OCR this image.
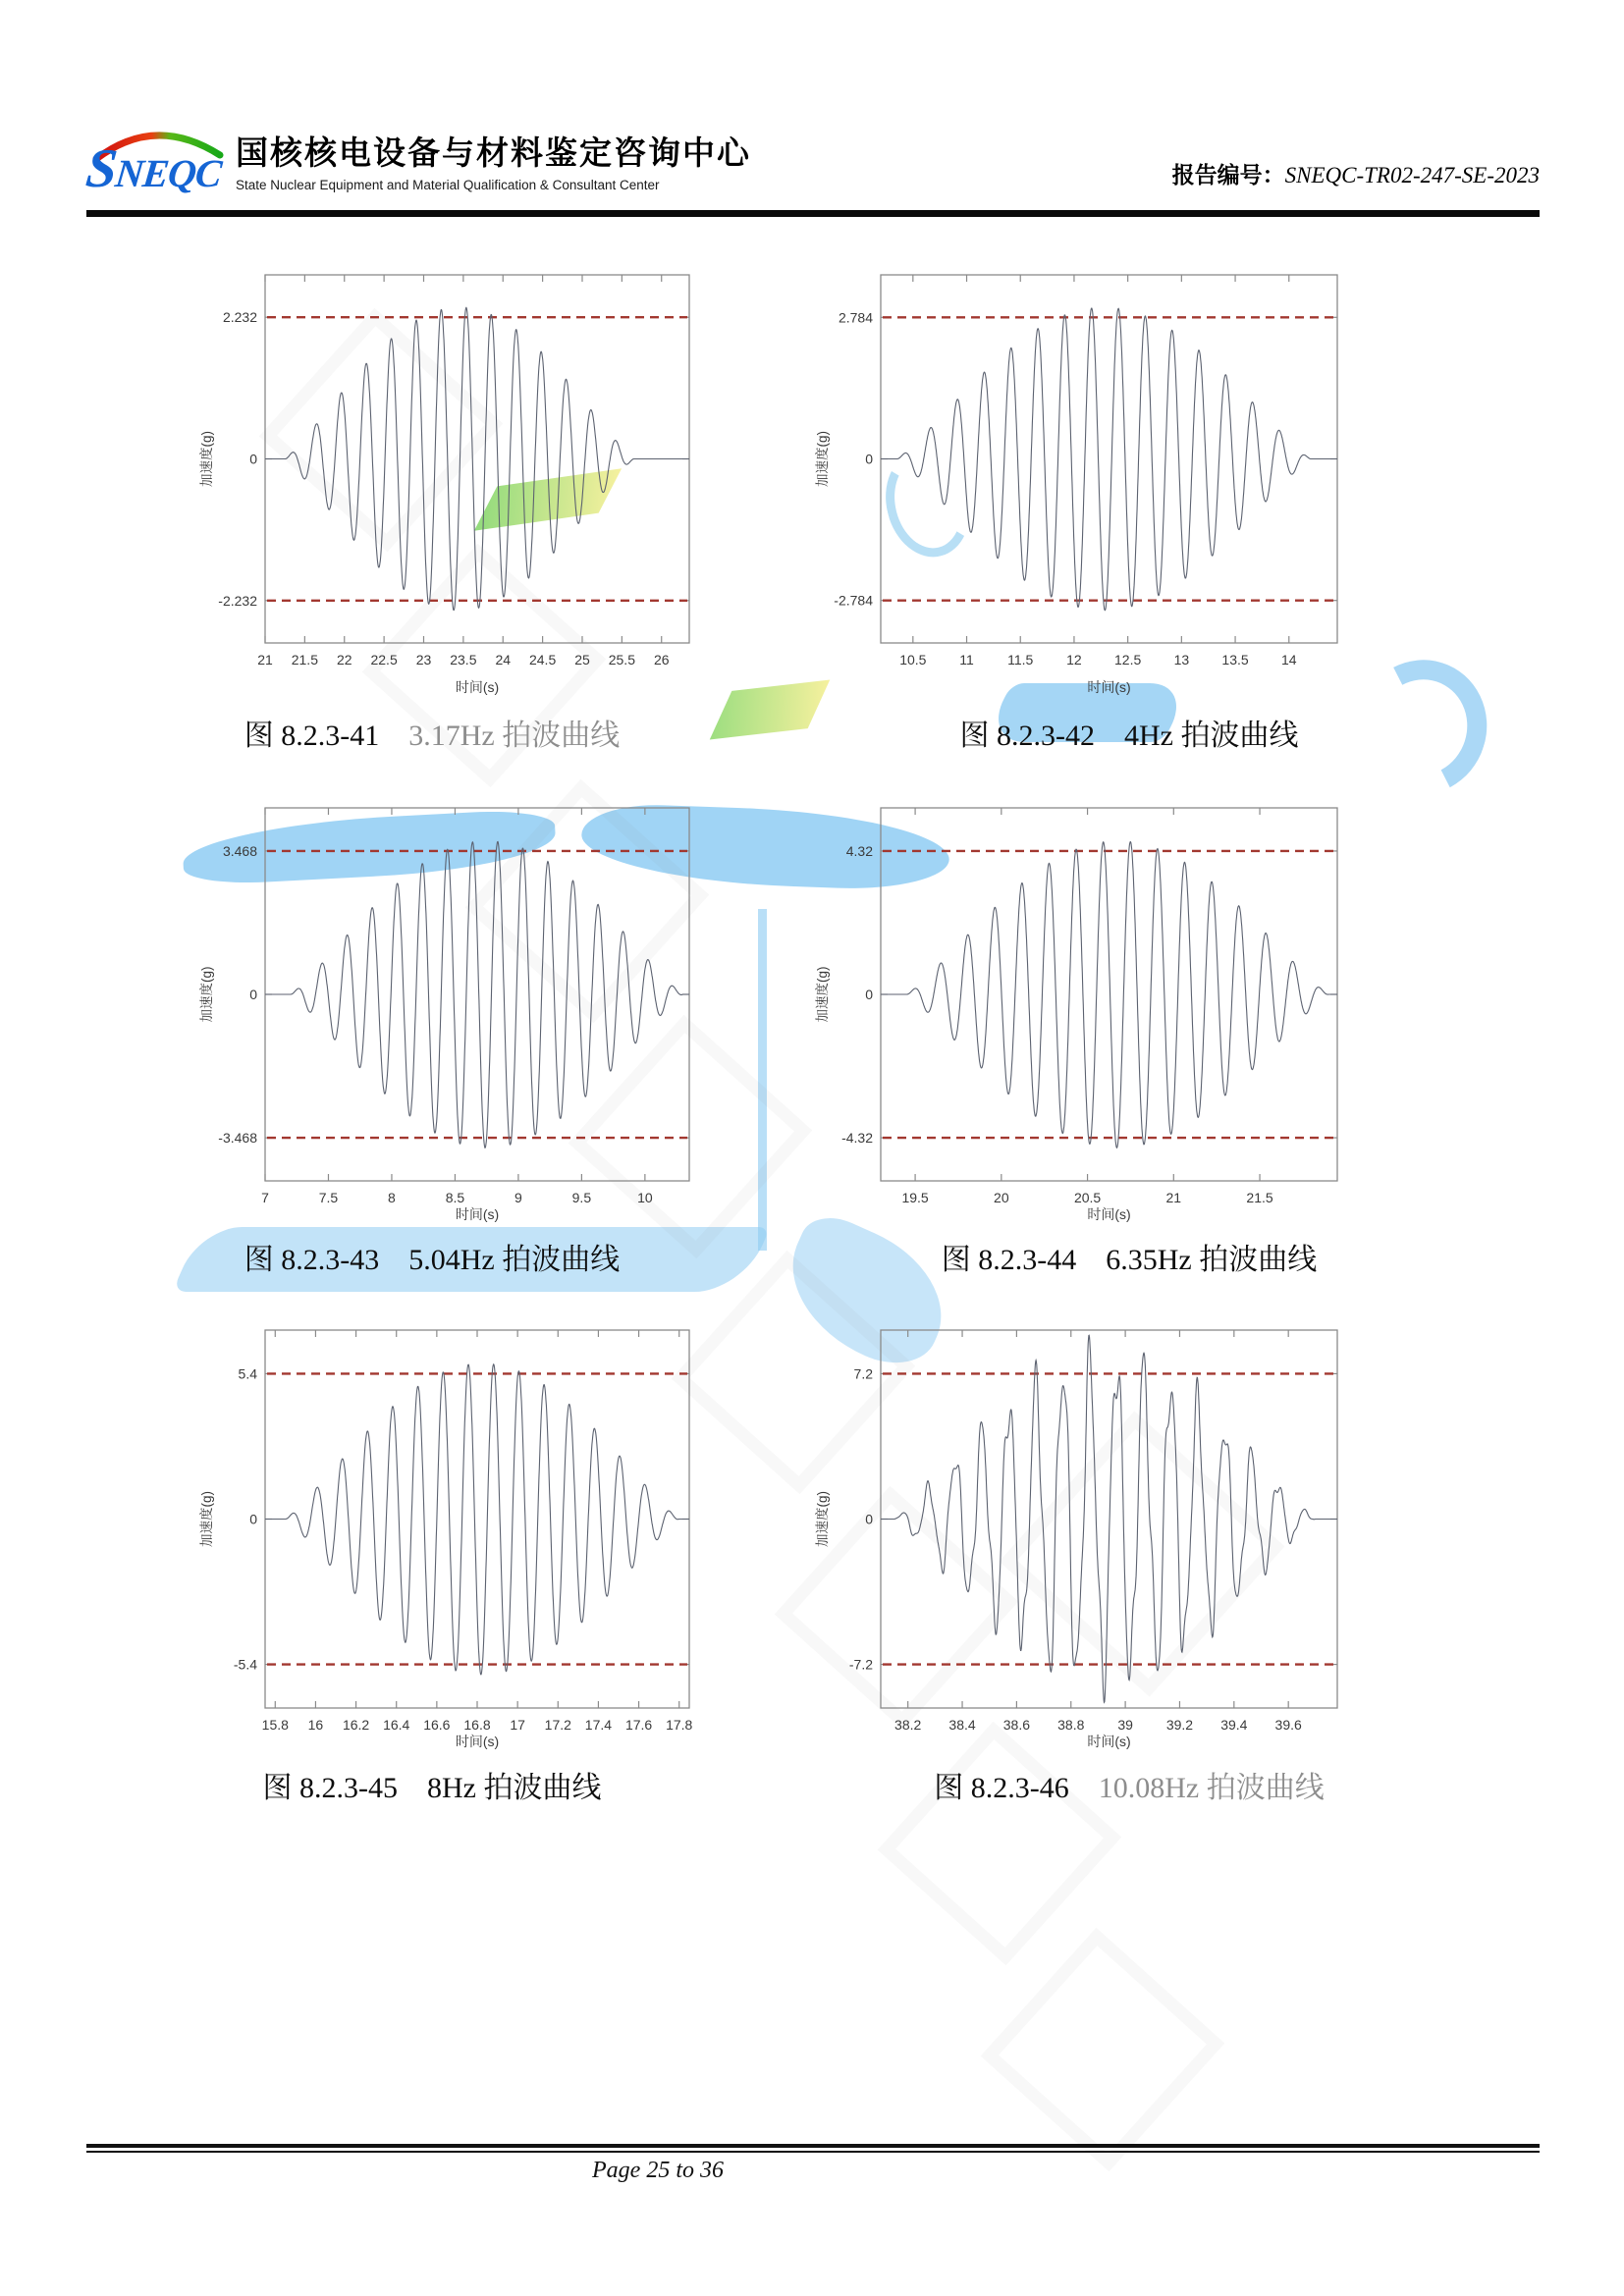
SNEQC 国核核电设备与材料鉴定咨询中心
State Nuclear Equipment and Material Qualification & Consultant Center	报告编号：SNEQC-TR02-247-SE-2023
21 21.5 22 22.5 23 23.5 24 24.5 25 25.5 26
2.232
0
-2.232
加速度(g)
时间(s)
10.5 11 11.5 12 12.5 13 13.5 14
2.784
0
-2.784
加速度(g)
时间(s)
7	7.5	8	8.5	9	9.5	10
3.468
0
-3.468
加速度(g)
时间(s)
19.5	20	20.5	21	21.5
4.32
0
-4.32
加速度(g)
时间(s)
15.8 16 16.2 16.4 16.6 16.8 17 17.2 17.4 17.6 17.8
5.4
0
-5.4
加速度(g)
时间(s)
38.2 38.4 38.6 38.8 39 39.2 39.4 39.6
7.2
0
-7.2
加速度(g)
时间(s)
图 8.2.3-41 3.17Hz 拍波曲线	图 8.2.3-42 4Hz 拍波曲线
图 8.2.3-43 5.04Hz 拍波曲线	图 8.2.3-44 6.35Hz 拍波曲线
图 8.2.3-45 8Hz 拍波曲线	图 8.2.3-46 10.08Hz 拍波曲线
Page 25 to 36
